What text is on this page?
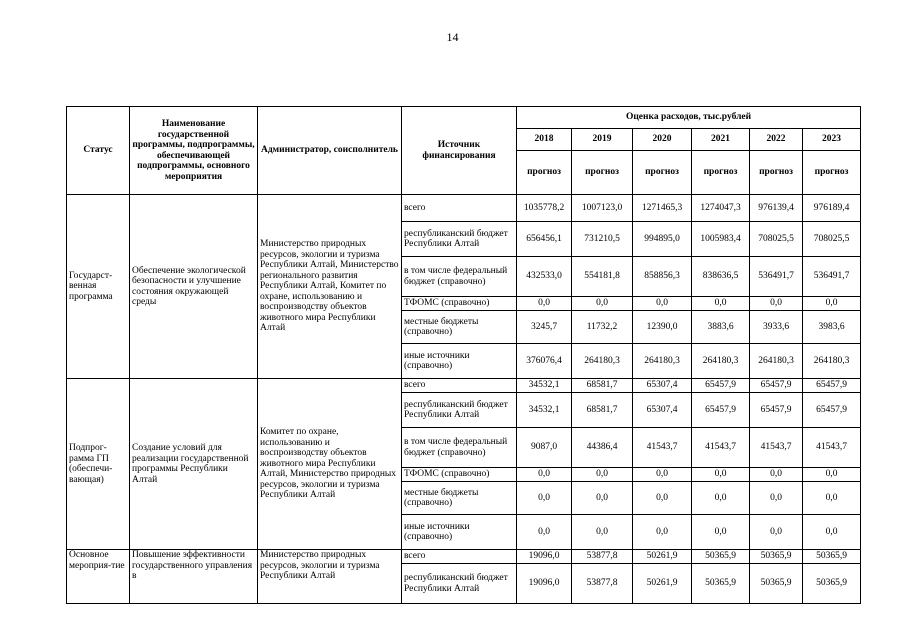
14
Статус	Наименование государственной программы, подпрограммы, обеспечивающей подпрограммы, основного мероприятия	Администратор, соисполнитель	Источник финансирования	Оценка расходов, тыс.рублей					
				2018	2019	2020	2021	2022	2023
				прогноз	прогноз	прогноз	прогноз	прогноз	прогноз
Государст-венная программа	Обеспечение экологической безопасности и улучшение состояния окружающей среды	Министерство природных ресурсов, экологии и туризма Республики Алтай, Министерство регионального развития Республики Алтай, Комитет по охране, использованию и воспроизводству объектов животного мира Республики Алтай	всего	1035778,2	1007123,0	1271465,3	1274047,3	976139,4	976189,4
			республиканский бюджет Республики Алтай	656456,1	731210,5	994895,0	1005983,4	708025,5	708025,5
			в том числе федеральный бюджет (справочно)	432533,0	554181,8	858856,3	838636,5	536491,7	536491,7
			ТФОМС (справочно)	0,0	0,0	0,0	0,0	0,0	0,0
			местные бюджеты (справочно)	3245,7	11732,2	12390,0	3883,6	3933,6	3983,6
			иные источники (справочно)	376076,4	264180,3	264180,3	264180,3	264180,3	264180,3
Подпрог-рамма ГП (обеспечи-вающая)	Создание условий для реализации государственной программы Республики Алтай	Комитет по охране, использованию и воспроизводству объектов животного мира Республики Алтай, Министерство природных ресурсов, экологии и туризма Республики Алтай	всего	34532,1	68581,7	65307,4	65457,9	65457,9	65457,9
			республиканский бюджет Республики Алтай	34532,1	68581,7	65307,4	65457,9	65457,9	65457,9
			в том числе федеральный бюджет (справочно)	9087,0	44386,4	41543,7	41543,7	41543,7	41543,7
			ТФОМС (справочно)	0,0	0,0	0,0	0,0	0,0	0,0
			местные бюджеты (справочно)	0,0	0,0	0,0	0,0	0,0	0,0
			иные источники (справочно)	0,0	0,0	0,0	0,0	0,0	0,0
Основное мероприя-тие	Повышение эффективности государственного управления в	Министерство природных ресурсов, экологии и туризма Республики Алтай	всего	19096,0	53877,8	50261,9	50365,9	50365,9	50365,9
			республиканский бюджет Республики Алтай	19096,0	53877,8	50261,9	50365,9	50365,9	50365,9
